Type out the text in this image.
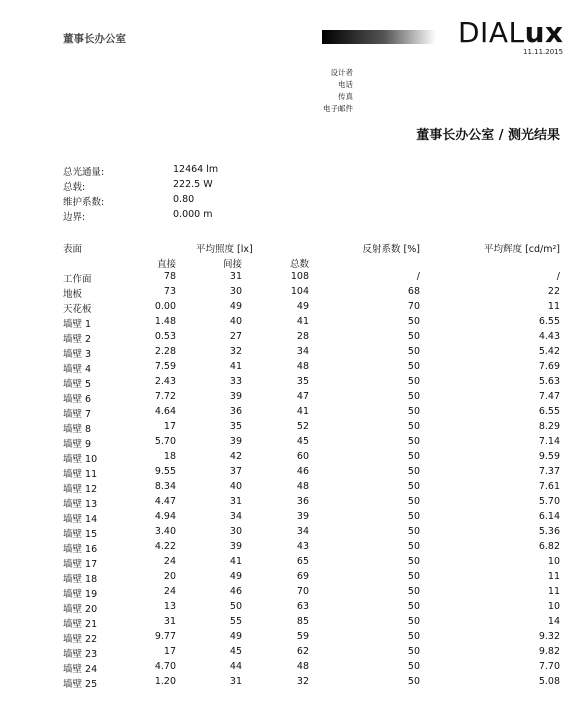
董事长办公室	DIALux
11.11.2015
设计者
电话
传真
电子邮件
董事长办公室 / 测光结果
总光通量:	12464 lm
总载:	222.5 W
维护系数:	0.80
边界:	0.000 m
表面	平均照度 [lx]	反射系数 [%]	平均辉度 [cd/m²]
直接	间接	总数
工作面	78	31	108	/	/
地板	73	30	104	68	22
天花板	0.00	49	49	70	11
墙壁 1	1.48	40	41	50	6.55
墙壁 2	0.53	27	28	50	4.43
墙壁 3	2.28	32	34	50	5.42
墙壁 4	7.59	41	48	50	7.69
墙壁 5	2.43	33	35	50	5.63
墙壁 6	7.72	39	47	50	7.47
墙壁 7	4.64	36	41	50	6.55
墙壁 8	17	35	52	50	8.29
墙壁 9	5.70	39	45	50	7.14
墙壁 10	18	42	60	50	9.59
墙壁 11	9.55	37	46	50	7.37
墙壁 12	8.34	40	48	50	7.61
墙壁 13	4.47	31	36	50	5.70
墙壁 14	4.94	34	39	50	6.14
墙壁 15	3.40	30	34	50	5.36
墙壁 16	4.22	39	43	50	6.82
墙壁 17	24	41	65	50	10
墙壁 18	20	49	69	50	11
墙壁 19	24	46	70	50	11
墙壁 20	13	50	63	50	10
墙壁 21	31	55	85	50	14
墙壁 22	9.77	49	59	50	9.32
墙壁 23	17	45	62	50	9.82
墙壁 24	4.70	44	48	50	7.70
墙壁 25	1.20	31	32	50	5.08
